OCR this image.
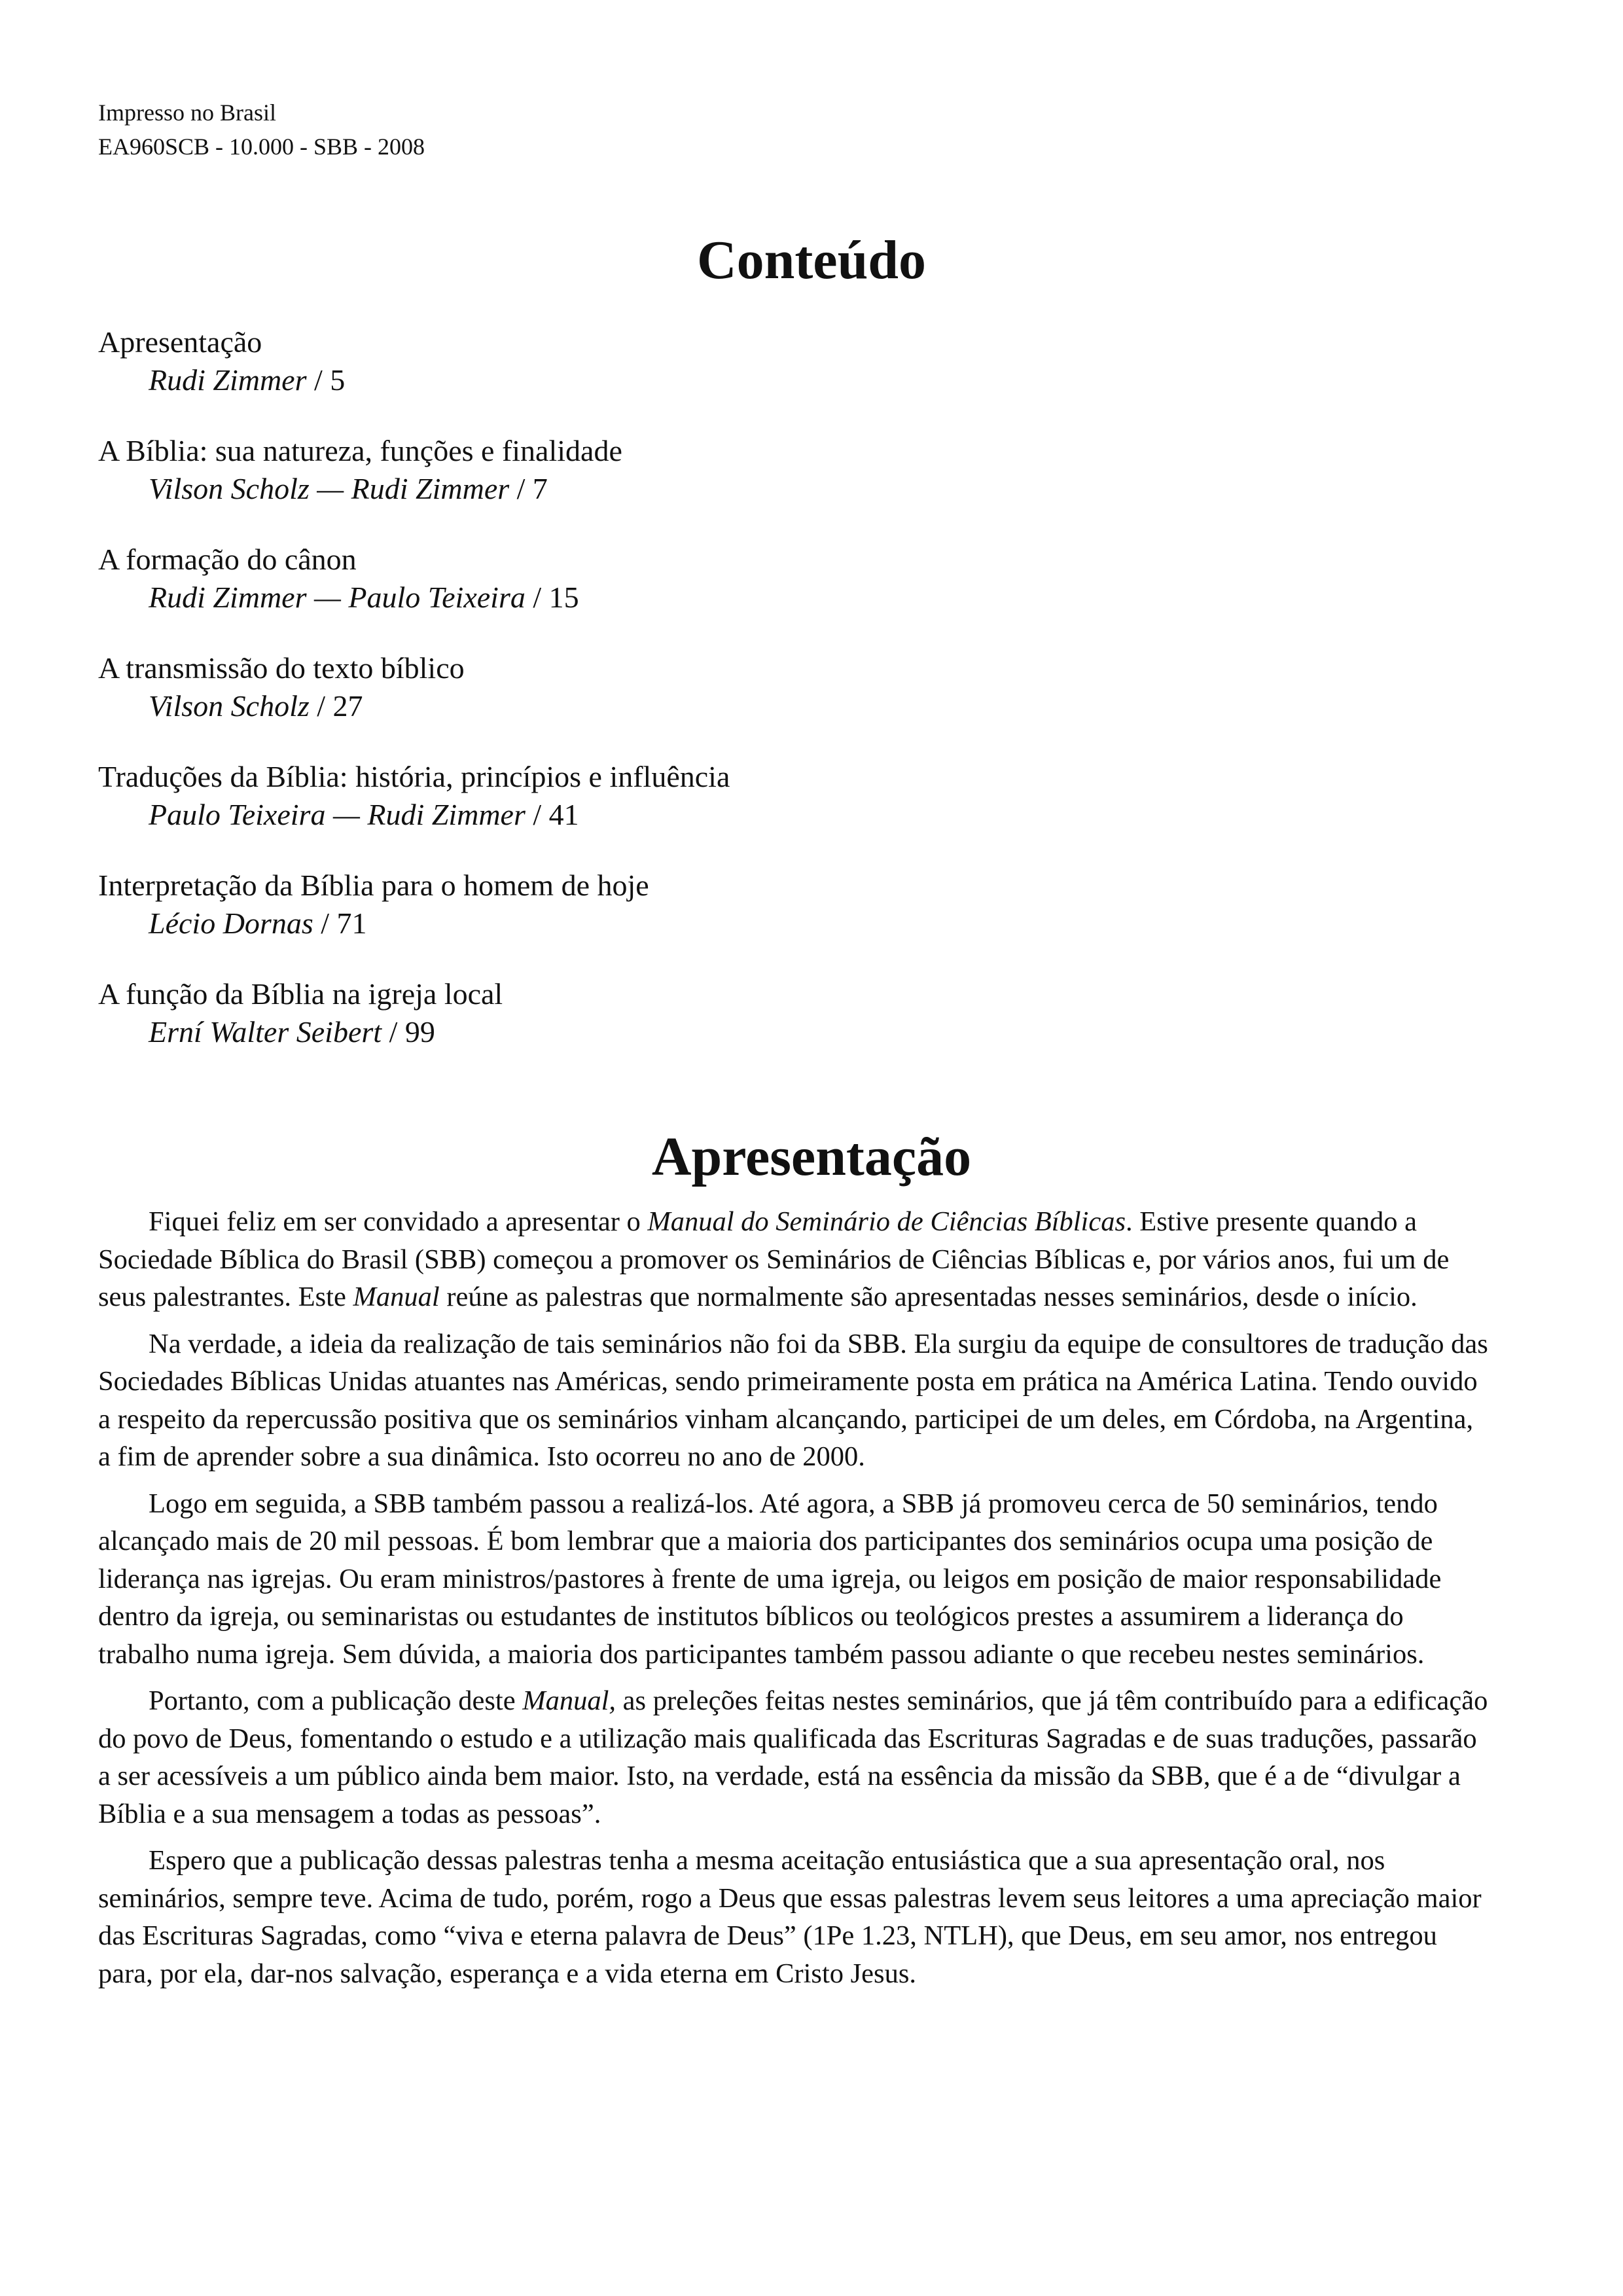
Impresso no Brasil
EA960SCB - 10.000 - SBB - 2008
Conteúdo
Apresentação
Rudi Zimmer / 5
A Bíblia: sua natureza, funções e finalidade
Vilson Scholz — Rudi Zimmer / 7
A formação do cânon
Rudi Zimmer — Paulo Teixeira / 15
A transmissão do texto bíblico
Vilson Scholz / 27
Traduções da Bíblia: história, princípios e influência
Paulo Teixeira — Rudi Zimmer / 41
Interpretação da Bíblia para o homem de hoje
Lécio Dornas / 71
A função da Bíblia na igreja local
Erní Walter Seibert / 99
Apresentação

Fiquei feliz em ser convidado a apresentar o Manual do Seminário de Ciências Bíblicas. Estive presente quando a Sociedade Bíblica do Brasil (SBB) começou a promover os Seminários de Ciências Bíblicas e, por vários anos, fui um de seus palestrantes. Este Manual reúne as palestras que normalmente são apresentadas nesses seminários, desde o início.

Na verdade, a ideia da realização de tais seminários não foi da SBB. Ela surgiu da equipe de consultores de tradução das Sociedades Bíblicas Unidas atuantes nas Américas, sendo primeiramente posta em prática na América Latina. Tendo ouvido a respeito da repercussão positiva que os seminários vinham alcançando, participei de um deles, em Córdoba, na Argentina, a fim de aprender sobre a sua dinâmica. Isto ocorreu no ano de 2000.

Logo em seguida, a SBB também passou a realizá-los. Até agora, a SBB já promoveu cerca de 50 seminários, tendo alcançado mais de 20 mil pessoas. É bom lembrar que a maioria dos participantes dos seminários ocupa uma posição de liderança nas igrejas. Ou eram ministros/pastores à frente de uma igreja, ou leigos em posição de maior responsabilidade dentro da igreja, ou seminaristas ou estudantes de institutos bíblicos ou teológicos prestes a assumirem a liderança do trabalho numa igreja. Sem dúvida, a maioria dos participantes também passou adiante o que recebeu nestes seminários.

Portanto, com a publicação deste Manual, as preleções feitas nestes seminários, que já têm contribuído para a edificação do povo de Deus, fomentando o estudo e a utilização mais qualificada das Escrituras Sagradas e de suas traduções, passarão a ser acessíveis a um público ainda bem maior. Isto, na verdade, está na essência da missão da SBB, que é a de “divulgar a Bíblia e a sua mensagem a todas as pessoas”.

Espero que a publicação dessas palestras tenha a mesma aceitação entusiástica que a sua apresentação oral, nos seminários, sempre teve. Acima de tudo, porém, rogo a Deus que essas palestras levem seus leitores a uma apreciação maior das Escrituras Sagradas, como “viva e eterna palavra de Deus” (1Pe 1.23, NTLH), que Deus, em seu amor, nos entregou para, por ela, dar-nos salvação, esperança e a vida eterna em Cristo Jesus.
